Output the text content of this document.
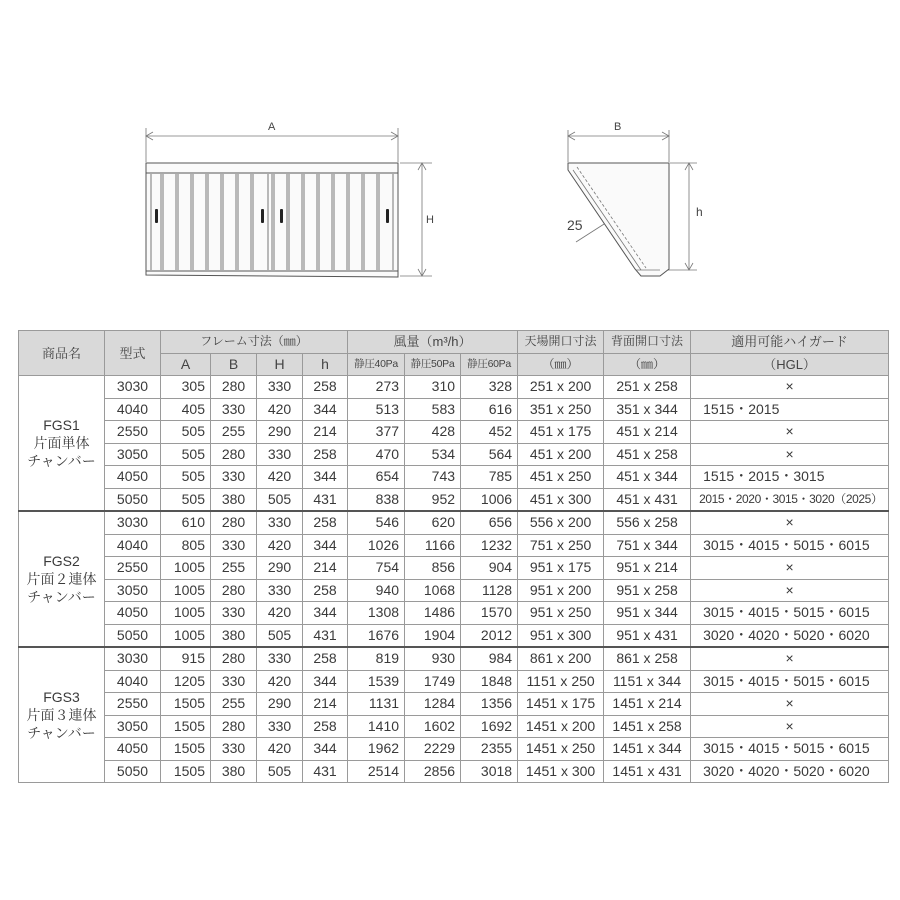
A
H
B
h
25
商品名	型式	フレーム寸法（㎜）				風量（m³/h）			天場開口寸法	背面開口寸法	適用可能ハイガード
		A	B	H	h	静圧40Pa	静圧50Pa	静圧60Pa	（㎜）	（㎜）	（HGL）

FGS1
片面単体
チャンバー	3030	305	280	330	258	273	310	328	251 x 200	251 x 258	×
	4040	405	330	420	344	513	583	616	351 x 250	351 x 344	1515・2015
	2550	505	255	290	214	377	428	452	451 x 175	451 x 214	×
	3050	505	280	330	258	470	534	564	451 x 200	451 x 258	×
	4050	505	330	420	344	654	743	785	451 x 250	451 x 344	1515・2015・3015
	5050	505	380	505	431	838	952	1006	451 x 300	451 x 431	2015・2020・3015・3020（2025）

FGS2
片面２連体
チャンバー	3030	610	280	330	258	546	620	656	556 x 200	556 x 258	×
	4040	805	330	420	344	1026	1166	1232	751 x 250	751 x 344	3015・4015・5015・6015
	2550	1005	255	290	214	754	856	904	951 x 175	951 x 214	×
	3050	1005	280	330	258	940	1068	1128	951 x 200	951 x 258	×
	4050	1005	330	420	344	1308	1486	1570	951 x 250	951 x 344	3015・4015・5015・6015
	5050	1005	380	505	431	1676	1904	2012	951 x 300	951 x 431	3020・4020・5020・6020

FGS3
片面３連体
チャンバー	3030	915	280	330	258	819	930	984	861 x 200	861 x 258	×
	4040	1205	330	420	344	1539	1749	1848	1151 x 250	1151 x 344	3015・4015・5015・6015
	2550	1505	255	290	214	1131	1284	1356	1451 x 175	1451 x 214	×
	3050	1505	280	330	258	1410	1602	1692	1451 x 200	1451 x 258	×
	4050	1505	330	420	344	1962	2229	2355	1451 x 250	1451 x 344	3015・4015・5015・6015
	5050	1505	380	505	431	2514	2856	3018	1451 x 300	1451 x 431	3020・4020・5020・6020
